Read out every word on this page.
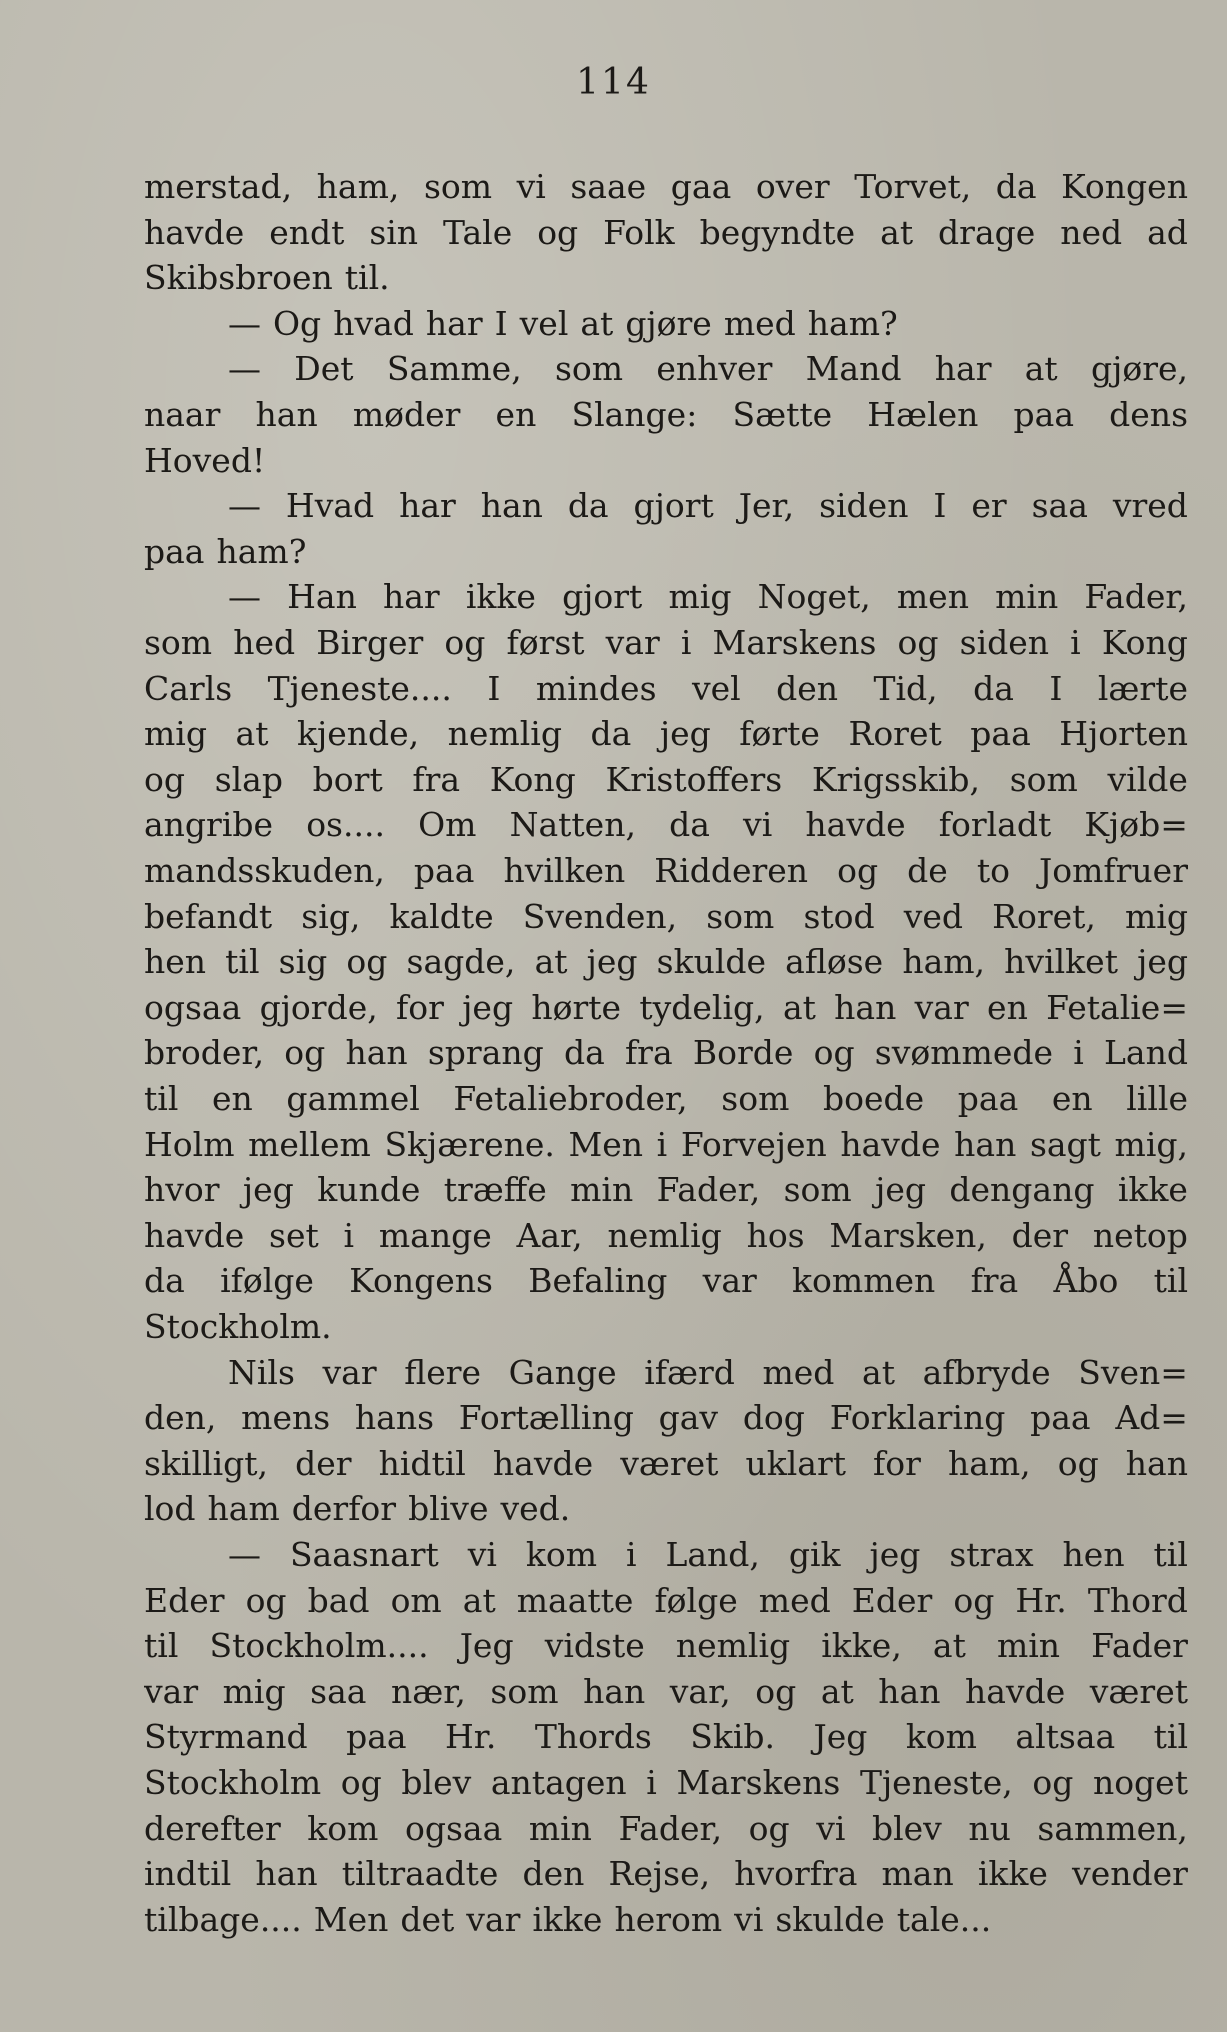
114
merstad, ham, som vi saae gaa over Torvet, da Kongen
havde endt sin Tale og Folk begyndte at drage ned ad
Skibsbroen til.
— Og hvad har I vel at gjøre med ham?
— Det Samme, som enhver Mand har at gjøre,
naar han møder en Slange: Sætte Hælen paa dens
Hoved!
— Hvad har han da gjort Jer, siden I er saa vred
paa ham?
— Han har ikke gjort mig Noget, men min Fader,
som hed Birger og først var i Marskens og siden i Kong
Carls Tjeneste.... I mindes vel den Tid, da I lærte
mig at kjende, nemlig da jeg førte Roret paa Hjorten
og slap bort fra Kong Kristoffers Krigsskib, som vilde
angribe os.... Om Natten, da vi havde forladt Kjøb=
mandsskuden, paa hvilken Ridderen og de to Jomfruer
befandt sig, kaldte Svenden, som stod ved Roret, mig
hen til sig og sagde, at jeg skulde afløse ham, hvilket jeg
ogsaa gjorde, for jeg hørte tydelig, at han var en Fetalie=
broder, og han sprang da fra Borde og svømmede i Land
til en gammel Fetaliebroder, som boede paa en lille
Holm mellem Skjærene. Men i Forvejen havde han sagt mig,
hvor jeg kunde træffe min Fader, som jeg dengang ikke
havde set i mange Aar, nemlig hos Marsken, der netop
da ifølge Kongens Befaling var kommen fra Åbo til
Stockholm.
Nils var flere Gange ifærd med at afbryde Sven=
den, mens hans Fortælling gav dog Forklaring paa Ad=
skilligt, der hidtil havde været uklart for ham, og han
lod ham derfor blive ved.
— Saasnart vi kom i Land, gik jeg strax hen til
Eder og bad om at maatte følge med Eder og Hr. Thord
til Stockholm.... Jeg vidste nemlig ikke, at min Fader
var mig saa nær, som han var, og at han havde været
Styrmand paa Hr. Thords Skib. Jeg kom altsaa til
Stockholm og blev antagen i Marskens Tjeneste, og noget
derefter kom ogsaa min Fader, og vi blev nu sammen,
indtil han tiltraadte den Rejse, hvorfra man ikke vender
tilbage.... Men det var ikke herom vi skulde tale...
